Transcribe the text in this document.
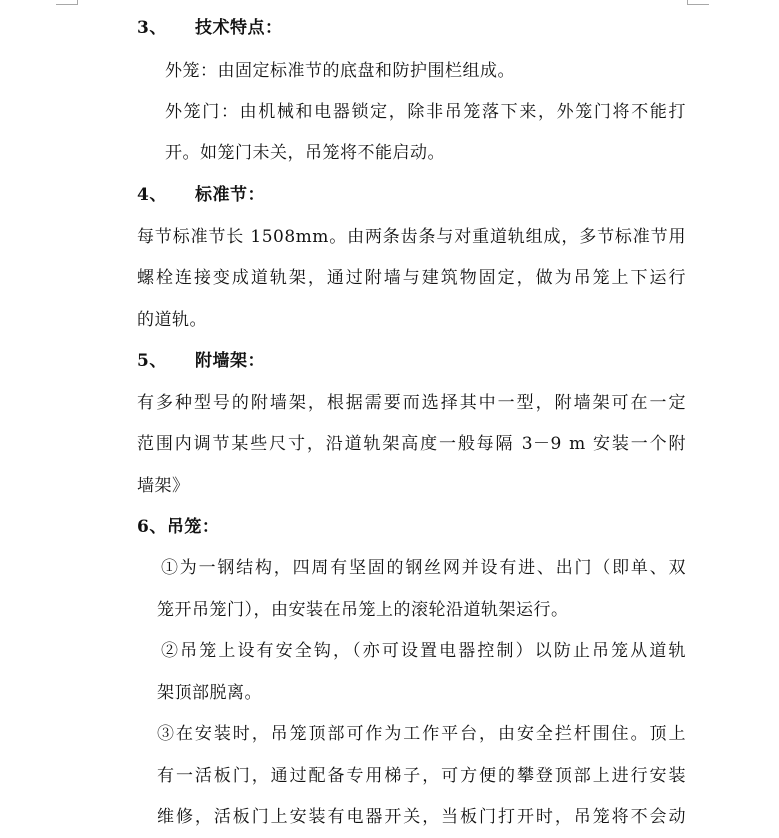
3、 技术特点：
外笼：由固定标准节的底盘和防护围栏组成。
外笼门：由机械和电器锁定，除非吊笼落下来，外笼门将不能打
开。如笼门未关，吊笼将不能启动。
4、 标准节：
每节标准节长 1508mm。由两条齿条与对重道轨组成，多节标准节用
螺栓连接变成道轨架，通过附墙与建筑物固定，做为吊笼上下运行
的道轨。
5、 附墙架：
有多种型号的附墙架，根据需要而选择其中一型，附墙架可在一定
范围内调节某些尺寸，沿道轨架高度一般每隔 3－9 m 安装一个附
墙架》
6、吊笼：
①为一钢结构，四周有坚固的钢丝网并设有进、出门（即单、双
笼开吊笼门），由安装在吊笼上的滚轮沿道轨架运行。
②吊笼上设有安全钩，（亦可设置电器控制）以防止吊笼从道轨
架顶部脱离。
③在安装时，吊笼顶部可作为工作平台，由安全拦杆围住。顶上
有一活板门，通过配备专用梯子，可方便的攀登顶部上进行安装
维修，活板门上安装有电器开关，当板门打开时，吊笼将不会动
